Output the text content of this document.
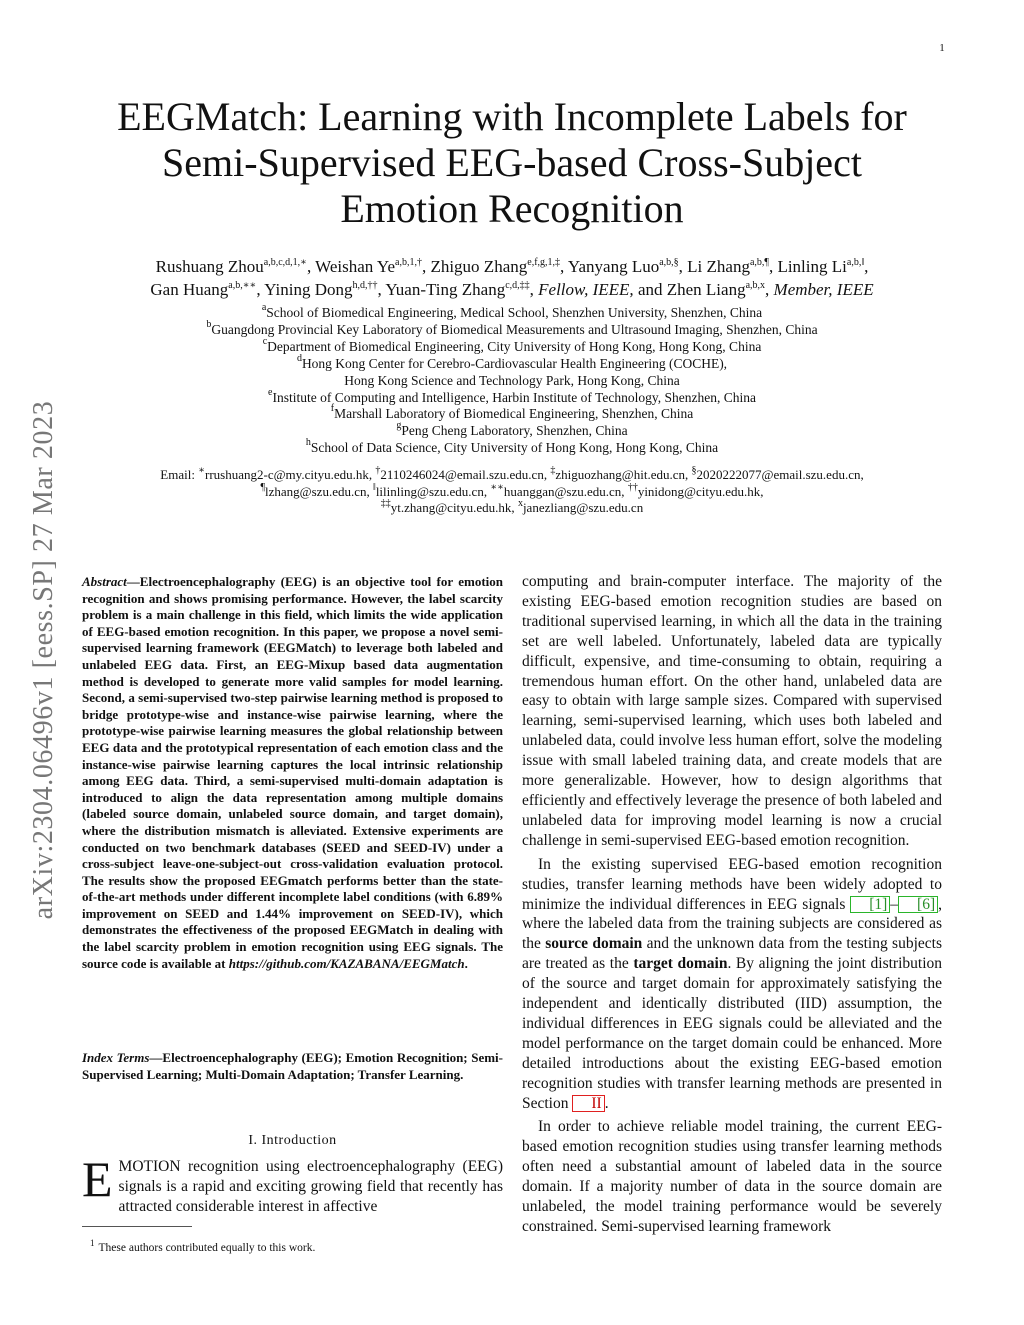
1
arXiv:2304.06496v1 [eess.SP] 27 Mar 2023
EEGMatch: Learning with Incomplete Labels for
Semi-Supervised EEG-based Cross-Subject
Emotion Recognition
Rushuang Zhou$^{a,b,c,d,1,∗}$, Weishan $Ye^{a,b,1,\dagger}$, Zhiguo Zhang$^{e,f,g,1,\ddagger}$, Yanyang Luo$^{a,b,\S}$, Li Zhang$^{a,b,\P}$, Linling $Li^{a,b,‖}$,
Gan Huang$^{a,b,∗∗}$, Yining Dong$^{h,d,\dagger\dagger}$, Yuan-Ting Zhang$^{c,d,\ddagger\ddagger}$, Fellow, IEEE, and Zhen Liang$^{a,b,x}$, Member, IEEE
$^a$School of Biomedical Engineering, Medical School, Shenzhen University, Shenzhen, China
$^b$Guangdong Provincial Key Laboratory of Biomedical Measurements and Ultrasound Imaging, Shenzhen, China
$^c$Department of Biomedical Engineering, City University of Hong Kong, Hong Kong, China
$^d$Hong Kong Center for Cerebro-Cardiovascular Health Engineering (COCHE),
Hong Kong Science and Technology Park, Hong Kong, China
$^e$Institute of Computing and Intelligence, Harbin Institute of Technology, Shenzhen, China
$^f$Marshall Laboratory of Biomedical Engineering, Shenzhen, China
$^g$Peng Cheng Laboratory, Shenzhen, China
$^h$School of Data Science, City University of Hong Kong, Hong Kong, China
Email: ∗rrushuang2-c@my.cityu.edu.hk, †2110246024@email.szu.edu.cn, ‡zhiguozhang@hit.edu.cn, §2020222077@email.szu.edu.cn,
¶lzhang@szu.edu.cn, ‖lilinling@szu.edu.cn, ∗∗huanggan@szu.edu.cn, ††yinidong@cityu.edu.hk,
‡‡yt.zhang@cityu.edu.hk, $^x$janezliang@szu.edu.cn

Abstract—Electroencephalography (EEG) is an objective tool for emotion recognition and shows promising performance. However, the label scarcity problem is a main challenge in this field, which limits the wide application of EEG-based emotion recognition. In this paper, we propose a novel semi-supervised learning framework (EEGMatch) to leverage both labeled and unlabeled EEG data. First, an EEG-Mixup based data augmentation method is developed to generate more valid samples for model learning. Second, a semi-supervised two-step pairwise learning method is proposed to bridge prototype-wise and instance-wise pairwise learning, where the prototype-wise pairwise learning measures the global relationship between EEG data and the prototypical representation of each emotion class and the instance-wise pairwise learning captures the local intrinsic relationship among EEG data. Third, a semi-supervised multi-domain adaptation is introduced to align the data representation among multiple domains (labeled source domain, unlabeled source domain, and target domain), where the distribution mismatch is alleviated. Extensive experiments are conducted on two benchmark databases (SEED and SEED-IV) under a cross-subject leave-one-subject-out cross-validation evaluation protocol. The results show the proposed EEGmatch performs better than the state-of-the-art methods under different incomplete label conditions (with 6.89% improvement on SEED and 1.44% improvement on SEED-IV), which demonstrates the effectiveness of the proposed EEGMatch in dealing with the label scarcity problem in emotion recognition using EEG signals. The source code is available at https://github.com/KAZABANA/EEGMatch.

Index Terms—Electroencephalography (EEG); Emotion Recognition; Semi-Supervised Learning; Multi-Domain Adaptation; Transfer Learning.

I. Introduction

EMOTION recognition using electroencephalography (EEG) signals is a rapid and exciting growing field that recently has attracted considerable interest in affective

$^1$ These authors contributed equally to this work.

computing and brain-computer interface. The majority of the existing EEG-based emotion recognition studies are based on traditional supervised learning, in which all the data in the training set are well labeled. Unfortunately, labeled data are typically difficult, expensive, and time-consuming to obtain, requiring a tremendous human effort. On the other hand, unlabeled data are easy to obtain with large sample sizes. Compared with supervised learning, semi-supervised learning, which uses both labeled and unlabeled data, could involve less human effort, solve the modeling issue with small labeled training data, and create models that are more generalizable. However, how to design algorithms that efficiently and effectively leverage the presence of both labeled and unlabeled data for improving model learning is now a crucial challenge in semi-supervised EEG-based emotion recognition.

In the existing supervised EEG-based emotion recognition studies, transfer learning methods have been widely adopted to minimize the individual differences in EEG signals [1] – [6] , where the labeled data from the training subjects are considered as the source domain and the unknown data from the testing subjects are treated as the target domain. By aligning the joint distribution of the source and target domain for approximately satisfying the independent and identically distributed (IID) assumption, the individual differences in EEG signals could be alleviated and the model performance on the target domain could be enhanced. More detailed introductions about the existing EEG-based emotion recognition studies with transfer learning methods are presented in Section II .

In order to achieve reliable model training, the current EEG-based emotion recognition studies using transfer learning methods often need a substantial amount of labeled data in the source domain. If a majority number of data in the source domain are unlabeled, the model training performance would be severely constrained. Semi-supervised learning framework
